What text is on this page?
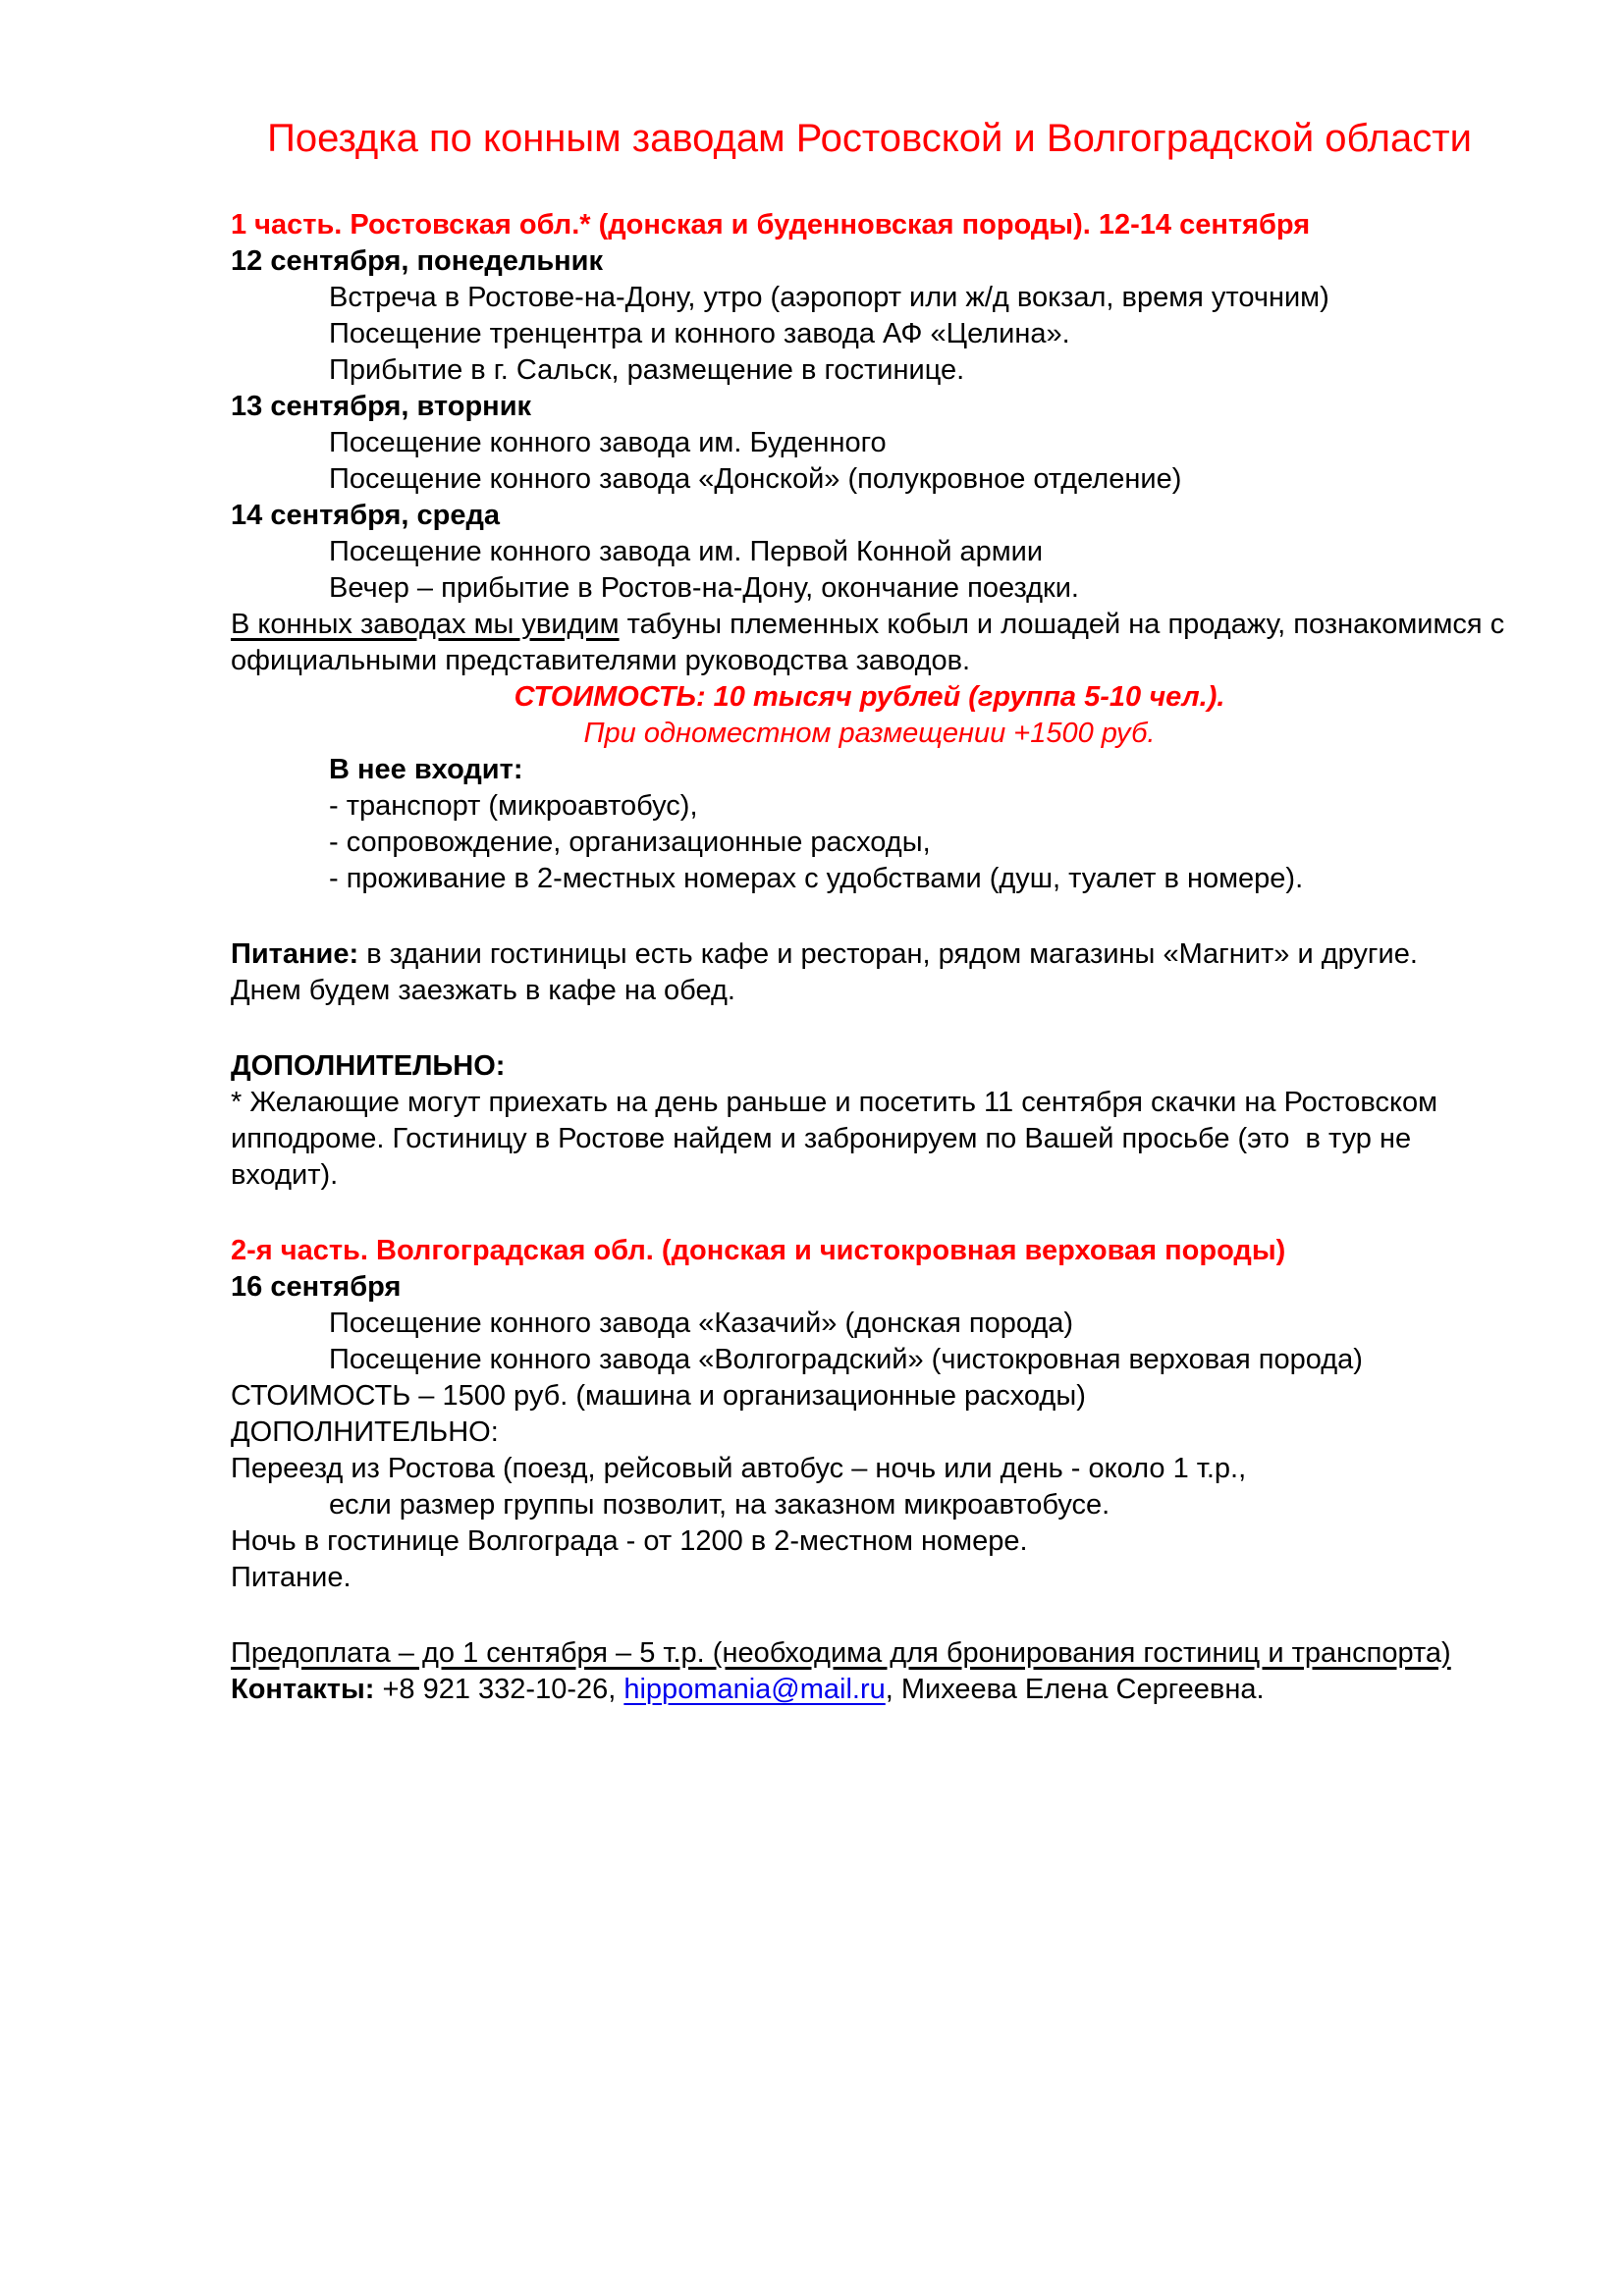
Поездка по конным заводам Ростовской и Волгоградской области

1 часть. Ростовская обл.* (донская и буденновская породы). 12-14 сентября

12 сентября, понедельник

Встреча в Ростове-на-Дону, утро (аэропорт или ж/д вокзал, время уточним)

Посещение тренцентра и конного завода АФ «Целина».

Прибытие в г. Сальск, размещение в гостинице.

13 сентября, вторник

Посещение конного завода им. Буденного

Посещение конного завода «Донской» (полукровное отделение)

14 сентября, среда

Посещение конного завода им. Первой Конной армии

Вечер – прибытие в Ростов-на-Дону, окончание поездки.

В конных заводах мы увидим табуны племенных кобыл и лошадей на продажу, познакомимся с

официальными представителями руководства заводов.

СТОИМОСТЬ: 10 тысяч рублей (группа 5-10 чел.).

При одноместном размещении +1500 руб.

В нее входит:

- транспорт (микроавтобус),

- сопровождение, организационные расходы,

- проживание в 2-местных номерах с удобствами (душ, туалет в номере).

Питание: в здании гостиницы есть кафе и ресторан, рядом магазины «Магнит» и другие.

Днем будем заезжать в кафе на обед.

ДОПОЛНИТЕЛЬНО:

* Желающие могут приехать на день раньше и посетить 11 сентября скачки на Ростовском

ипподроме. Гостиницу в Ростове найдем и забронируем по Вашей просьбе (это  в тур не входит).

2-я часть. Волгоградская обл. (донская и чистокровная верховая породы)

16 сентября

Посещение конного завода «Казачий» (донская порода)

Посещение конного завода «Волгоградский» (чистокровная верховая порода)

СТОИМОСТЬ – 1500 руб. (машина и организационные расходы)

ДОПОЛНИТЕЛЬНО:

Переезд из Ростова (поезд, рейсовый автобус – ночь или день - около 1 т.р.,

если размер группы позволит, на заказном микроавтобусе.

Ночь в гостинице Волгограда - от 1200 в 2-местном номере.

Питание.

Предоплата – до 1 сентября – 5 т.р. (необходима для бронирования гостиниц и транспорта)

Контакты: +8 921 332-10-26, hippomania@mail.ru, Михеева Елена Сергеевна.
